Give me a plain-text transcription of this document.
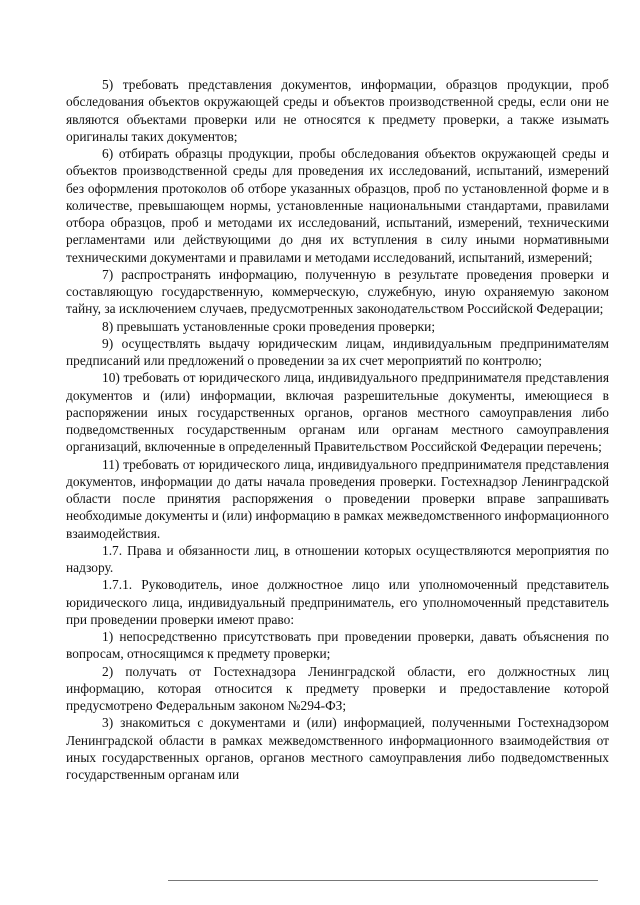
5) требовать представления документов, информации, образцов продукции, проб обследования объектов окружающей среды и объектов производственной среды, если они не являются объектами проверки или не относятся к предмету проверки, а также изымать оригиналы таких документов;

6) отбирать образцы продукции, пробы обследования объектов окружающей среды и объектов производственной среды для проведения их исследований, испытаний, измерений без оформления протоколов об отборе указанных образцов, проб по установленной форме и в количестве, превышающем нормы, установленные национальными стандартами, правилами отбора образцов, проб и методами их исследований, испытаний, измерений, техническими регламентами или действующими до дня их вступления в силу иными нормативными техническими документами и правилами и методами исследований, испытаний, измерений;

7) распространять информацию, полученную в результате проведения проверки и составляющую государственную, коммерческую, служебную, иную охраняемую законом тайну, за исключением случаев, предусмотренных законодательством Российской Федерации;

8) превышать установленные сроки проведения проверки;

9) осуществлять выдачу юридическим лицам, индивидуальным предпринимателям предписаний или предложений о проведении за их счет мероприятий по контролю;

10) требовать от юридического лица, индивидуального предпринимателя представления документов и (или) информации, включая разрешительные документы, имеющиеся в распоряжении иных государственных органов, органов местного самоуправления либо подведомственных государственным органам или органам местного самоуправления организаций, включенные в определенный Правительством Российской Федерации перечень;

11) требовать от юридического лица, индивидуального предпринимателя представления документов, информации до даты начала проведения проверки. Гостехнадзор Ленинградской области после принятия распоряжения о проведении проверки вправе запрашивать необходимые документы и (или) информацию в рамках межведомственного информационного взаимодействия.

1.7. Права и обязанности лиц, в отношении которых осуществляются мероприятия по надзору.

1.7.1. Руководитель, иное должностное лицо или уполномоченный представитель юридического лица, индивидуальный предприниматель, его уполномоченный представитель при проведении проверки имеют право:

1) непосредственно присутствовать при проведении проверки, давать объяснения по вопросам, относящимся к предмету проверки;

2) получать от Гостехнадзора Ленинградской области, его должностных лиц информацию, которая относится к предмету проверки и предоставление которой предусмотрено Федеральным законом №294-ФЗ;

3) знакомиться с документами и (или) информацией, полученными Гостехнадзором Ленинградской области в рамках межведомственного информационного взаимодействия от иных государственных органов, органов местного самоуправления либо подведомственных государственным органам или
